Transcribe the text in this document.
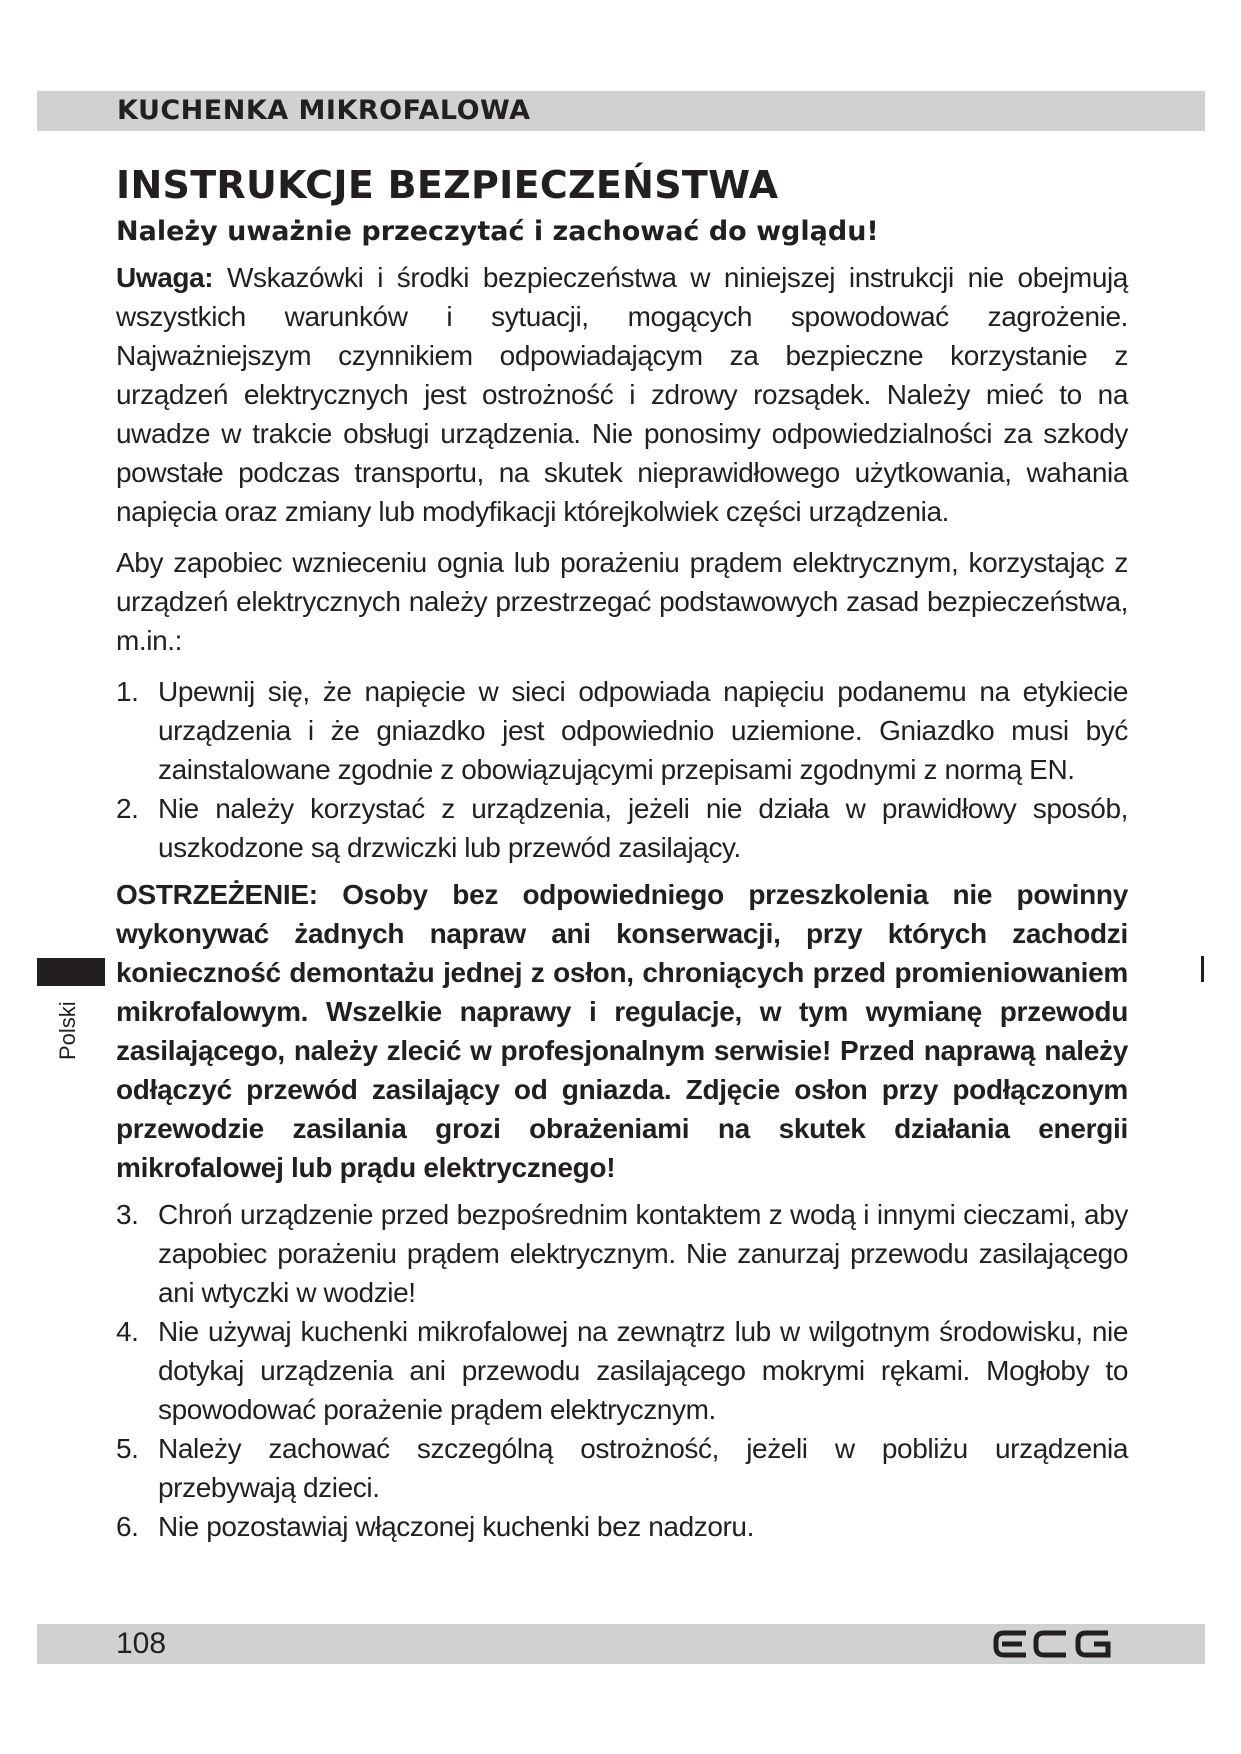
KUCHENKA MIKROFALOWA
INSTRUKCJE BEZPIECZEŃSTWA
Należy uważnie przeczytać i zachować do wglądu!

Uwaga: Wskazówki i środki bezpieczeństwa w niniejszej instrukcji nie obejmują wszystkich warunków i sytuacji, mogących spowodować zagrożenie. Najważniejszym czynnikiem odpowiadającym za bezpieczne korzystanie z urządzeń elektrycznych jest ostrożność i zdrowy rozsądek. Należy mieć to na uwadze w trakcie obsługi urządzenia. Nie ponosimy odpowiedzialności za szkody powstałe podczas transportu, na skutek nieprawidłowego użytkowania, wahania napięcia oraz zmiany lub modyfikacji którejkolwiek części urządzenia.

Aby zapobiec wznieceniu ognia lub porażeniu prądem elektrycznym, korzystając z urządzeń elektrycznych należy przestrzegać podstawowych zasad bezpieczeństwa, m.in.:

1. Upewnij się, że napięcie w sieci odpowiada napięciu podanemu na etykiecie urządzenia i że gniazdko jest odpowiednio uziemione. Gniazdko musi być zainstalowane zgodnie z obowiązującymi przepisami zgodnymi z normą EN.
2. Nie należy korzystać z urządzenia, jeżeli nie działa w prawidłowy sposób, uszkodzone są drzwiczki lub przewód zasilający.

OSTRZEŻENIE: Osoby bez odpowiedniego przeszkolenia nie powinny wykonywać żadnych napraw ani konserwacji, przy których zachodzi konieczność demontażu jednej z osłon, chroniących przed promieniowaniem mikrofalowym. Wszelkie naprawy i regulacje, w tym wymianę przewodu zasilającego, należy zlecić w profesjonalnym serwisie! Przed naprawą należy odłączyć przewód zasilający od gniazda. Zdjęcie osłon przy podłączonym przewodzie zasilania grozi obrażeniami na skutek działania energii mikrofalowej lub prądu elektrycznego!

3. Chroń urządzenie przed bezpośrednim kontaktem z wodą i innymi cieczami, aby zapobiec porażeniu prądem elektrycznym. Nie zanurzaj przewodu zasilającego ani wtyczki w wodzie!
4. Nie używaj kuchenki mikrofalowej na zewnątrz lub w wilgotnym środowisku, nie dotykaj urządzenia ani przewodu zasilającego mokrymi rękami. Mogłoby to spowodować porażenie prądem elektrycznym.
5. Należy zachować szczególną ostrożność, jeżeli w pobliżu urządzenia przebywają dzieci.
6. Nie pozostawiaj włączonej kuchenki bez nadzoru.
Polski
108
